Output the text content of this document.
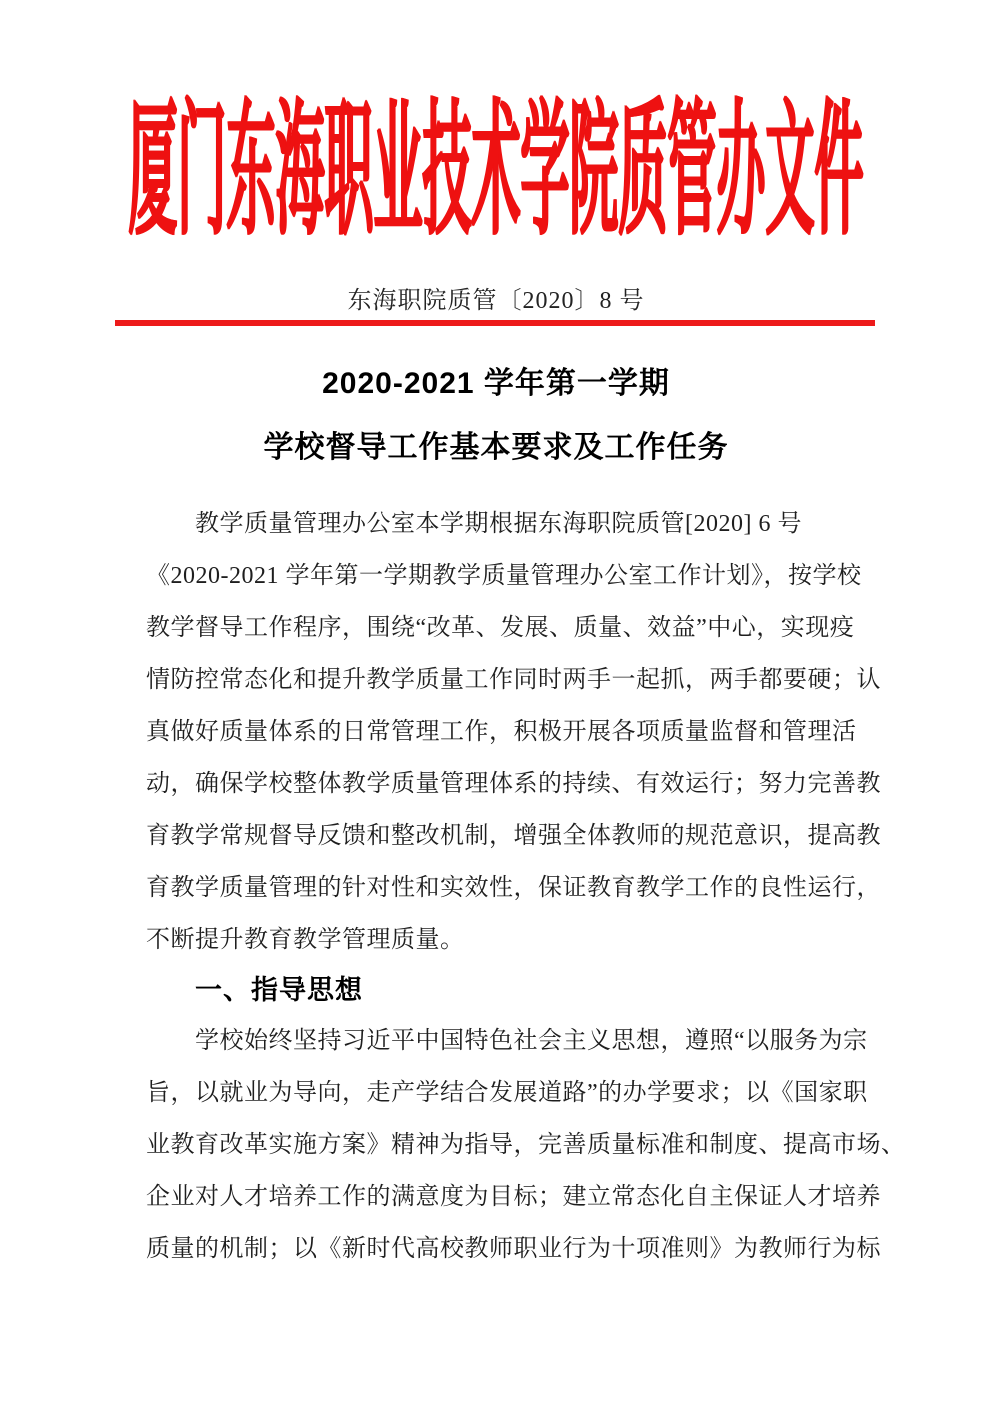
厦门东海职业技术学院质管办文件
东海职院质管〔2020〕8 号
2020-2021 学年第一学期
学校督导工作基本要求及工作任务
教学质量管理办公室本学期根据东海职院质管[2020] 6 号
《2020-2021 学年第一学期教学质量管理办公室工作计划》，按学校
教学督导工作程序，围绕“改革、发展、质量、效益”中心，实现疫
情防控常态化和提升教学质量工作同时两手一起抓，两手都要硬；认
真做好质量体系的日常管理工作，积极开展各项质量监督和管理活
动，确保学校整体教学质量管理体系的持续、有效运行；努力完善教
育教学常规督导反馈和整改机制，增强全体教师的规范意识，提高教
育教学质量管理的针对性和实效性，保证教育教学工作的良性运行，
不断提升教育教学管理质量。
一、指导思想
学校始终坚持习近平中国特色社会主义思想，遵照“以服务为宗
旨，以就业为导向，走产学结合发展道路”的办学要求；以《国家职
业教育改革实施方案》精神为指导，完善质量标准和制度、提高市场、
企业对人才培养工作的满意度为目标；建立常态化自主保证人才培养
质量的机制；以《新时代高校教师职业行为十项准则》为教师行为标
